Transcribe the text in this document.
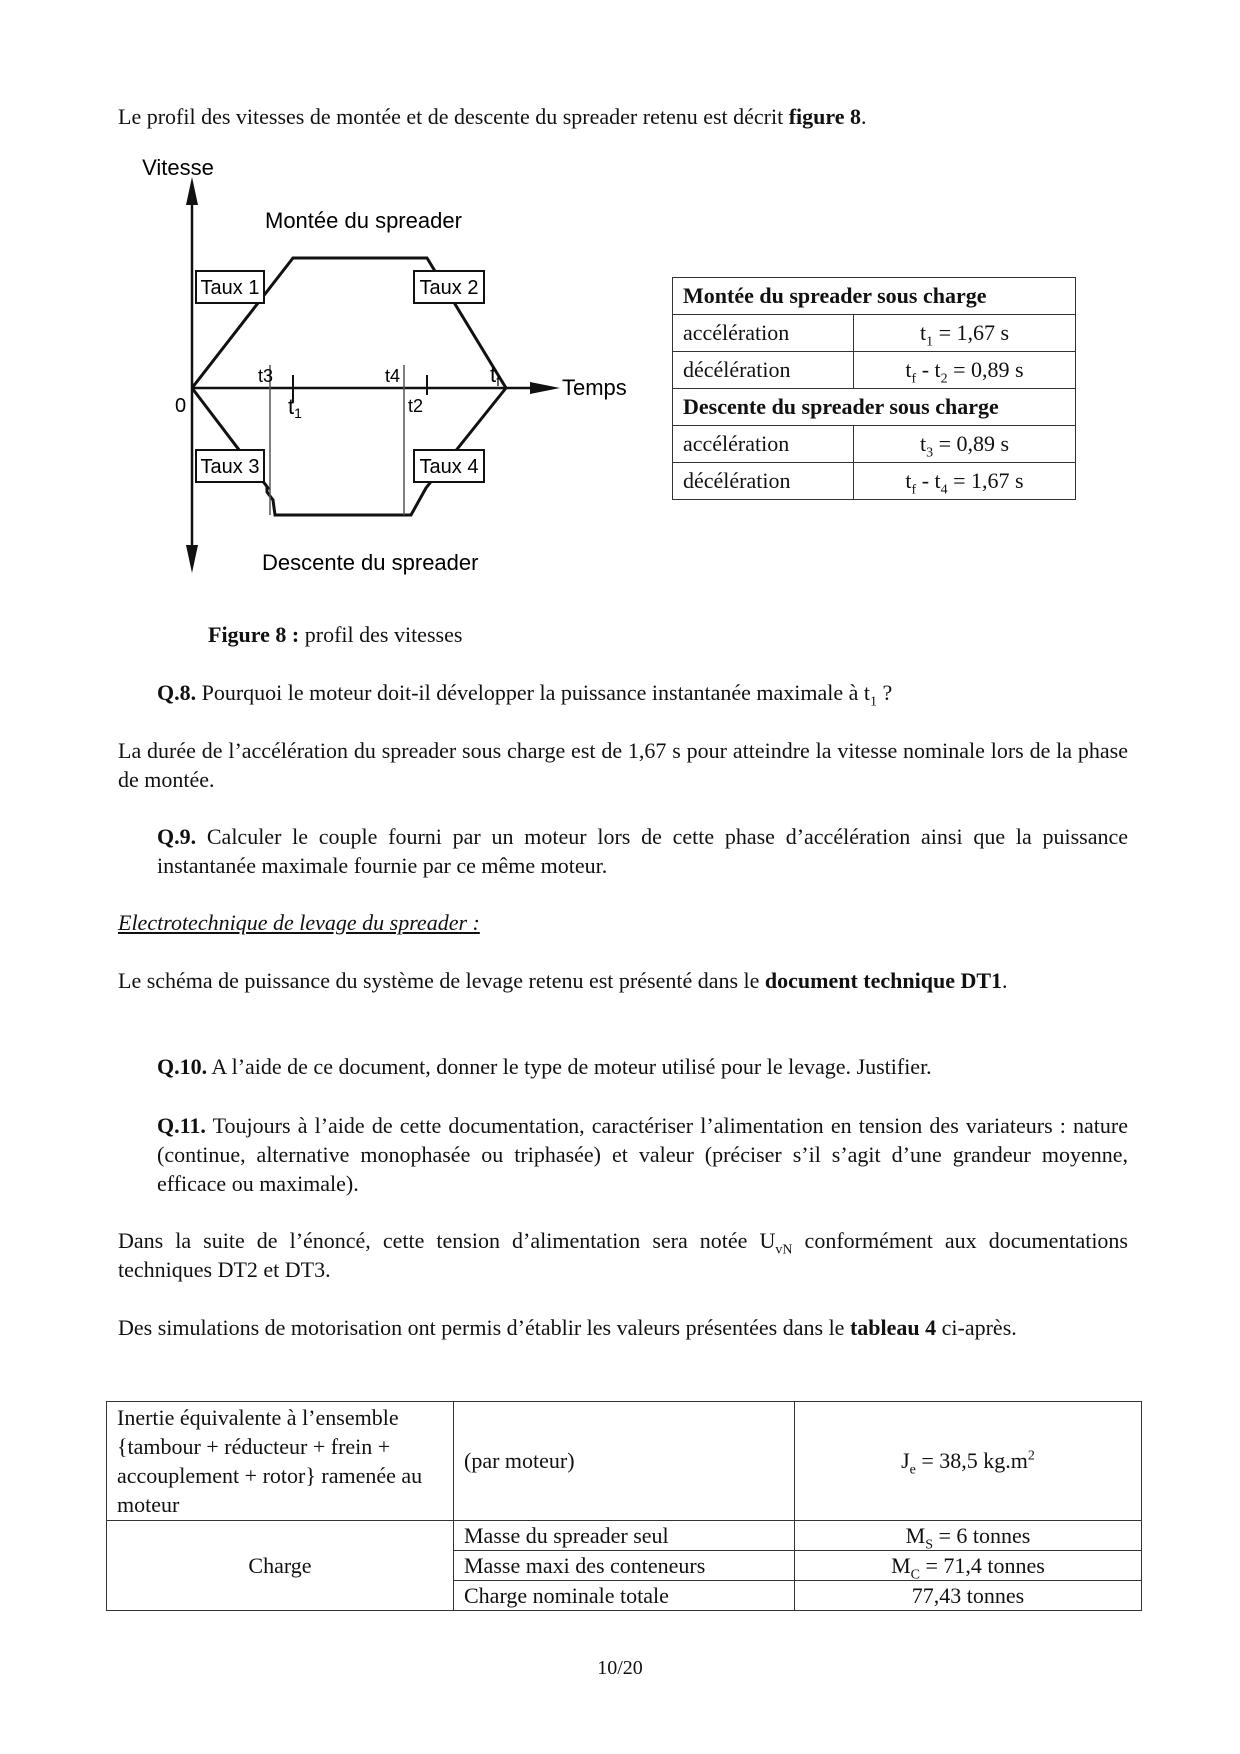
Le profil des vitesses de montée et de descente du spreader retenu est décrit figure 8.
Taux 1	Taux 2
Taux 3	Taux 4
Vitesse
Montée du spreader
Descente du spreader
Temps
0
t3	t4
t2
t1
tf
Montée du spreader sous charge	
accélération	$t_1 = 1,67$ s
décélération	$t_f - t_2 = 0,89$ s
Descente du spreader sous charge	
accélération	$t_3 = 0,89$ s
décélération	$t_f - t_4 = 1,67$ s
Figure 8 : profil des vitesses
Q.8. Pourquoi le moteur doit-il développer la puissance instantanée maximale à $t_1$ ?
La durée de l’accélération du spreader sous charge est de 1,67 s pour atteindre la vitesse nominale lors de la phase de montée.
Q.9. Calculer le couple fourni par un moteur lors de cette phase d’accélération ainsi que la puissance instantanée maximale fournie par ce même moteur.
Electrotechnique de levage du spreader :
Le schéma de puissance du système de levage retenu est présenté dans le document technique DT1.
Q.10. A l’aide de ce document, donner le type de moteur utilisé pour le levage. Justifier.
Q.11. Toujours à l’aide de cette documentation, caractériser l’alimentation en tension des variateurs : nature (continue, alternative monophasée ou triphasée) et valeur (préciser s’il s’agit d’une grandeur moyenne, efficace ou maximale).
Dans la suite de l’énoncé, cette tension d’alimentation sera notée $U_{vN}$ conformément aux documentations techniques DT2 et DT3.
Des simulations de motorisation ont permis d’établir les valeurs présentées dans le tableau 4 ci-après.
Inertie équivalente à l’ensemble {tambour + réducteur + frein + accouplement + rotor} ramenée au moteur	(par moteur)	$J_e = 38,5$ $kg.m^2$
Charge	Masse du spreader seul	$M_S = 6$ tonnes
	Masse maxi des conteneurs	$M_C = 71,4$ tonnes
	Charge nominale totale	77,43 tonnes
10/20
